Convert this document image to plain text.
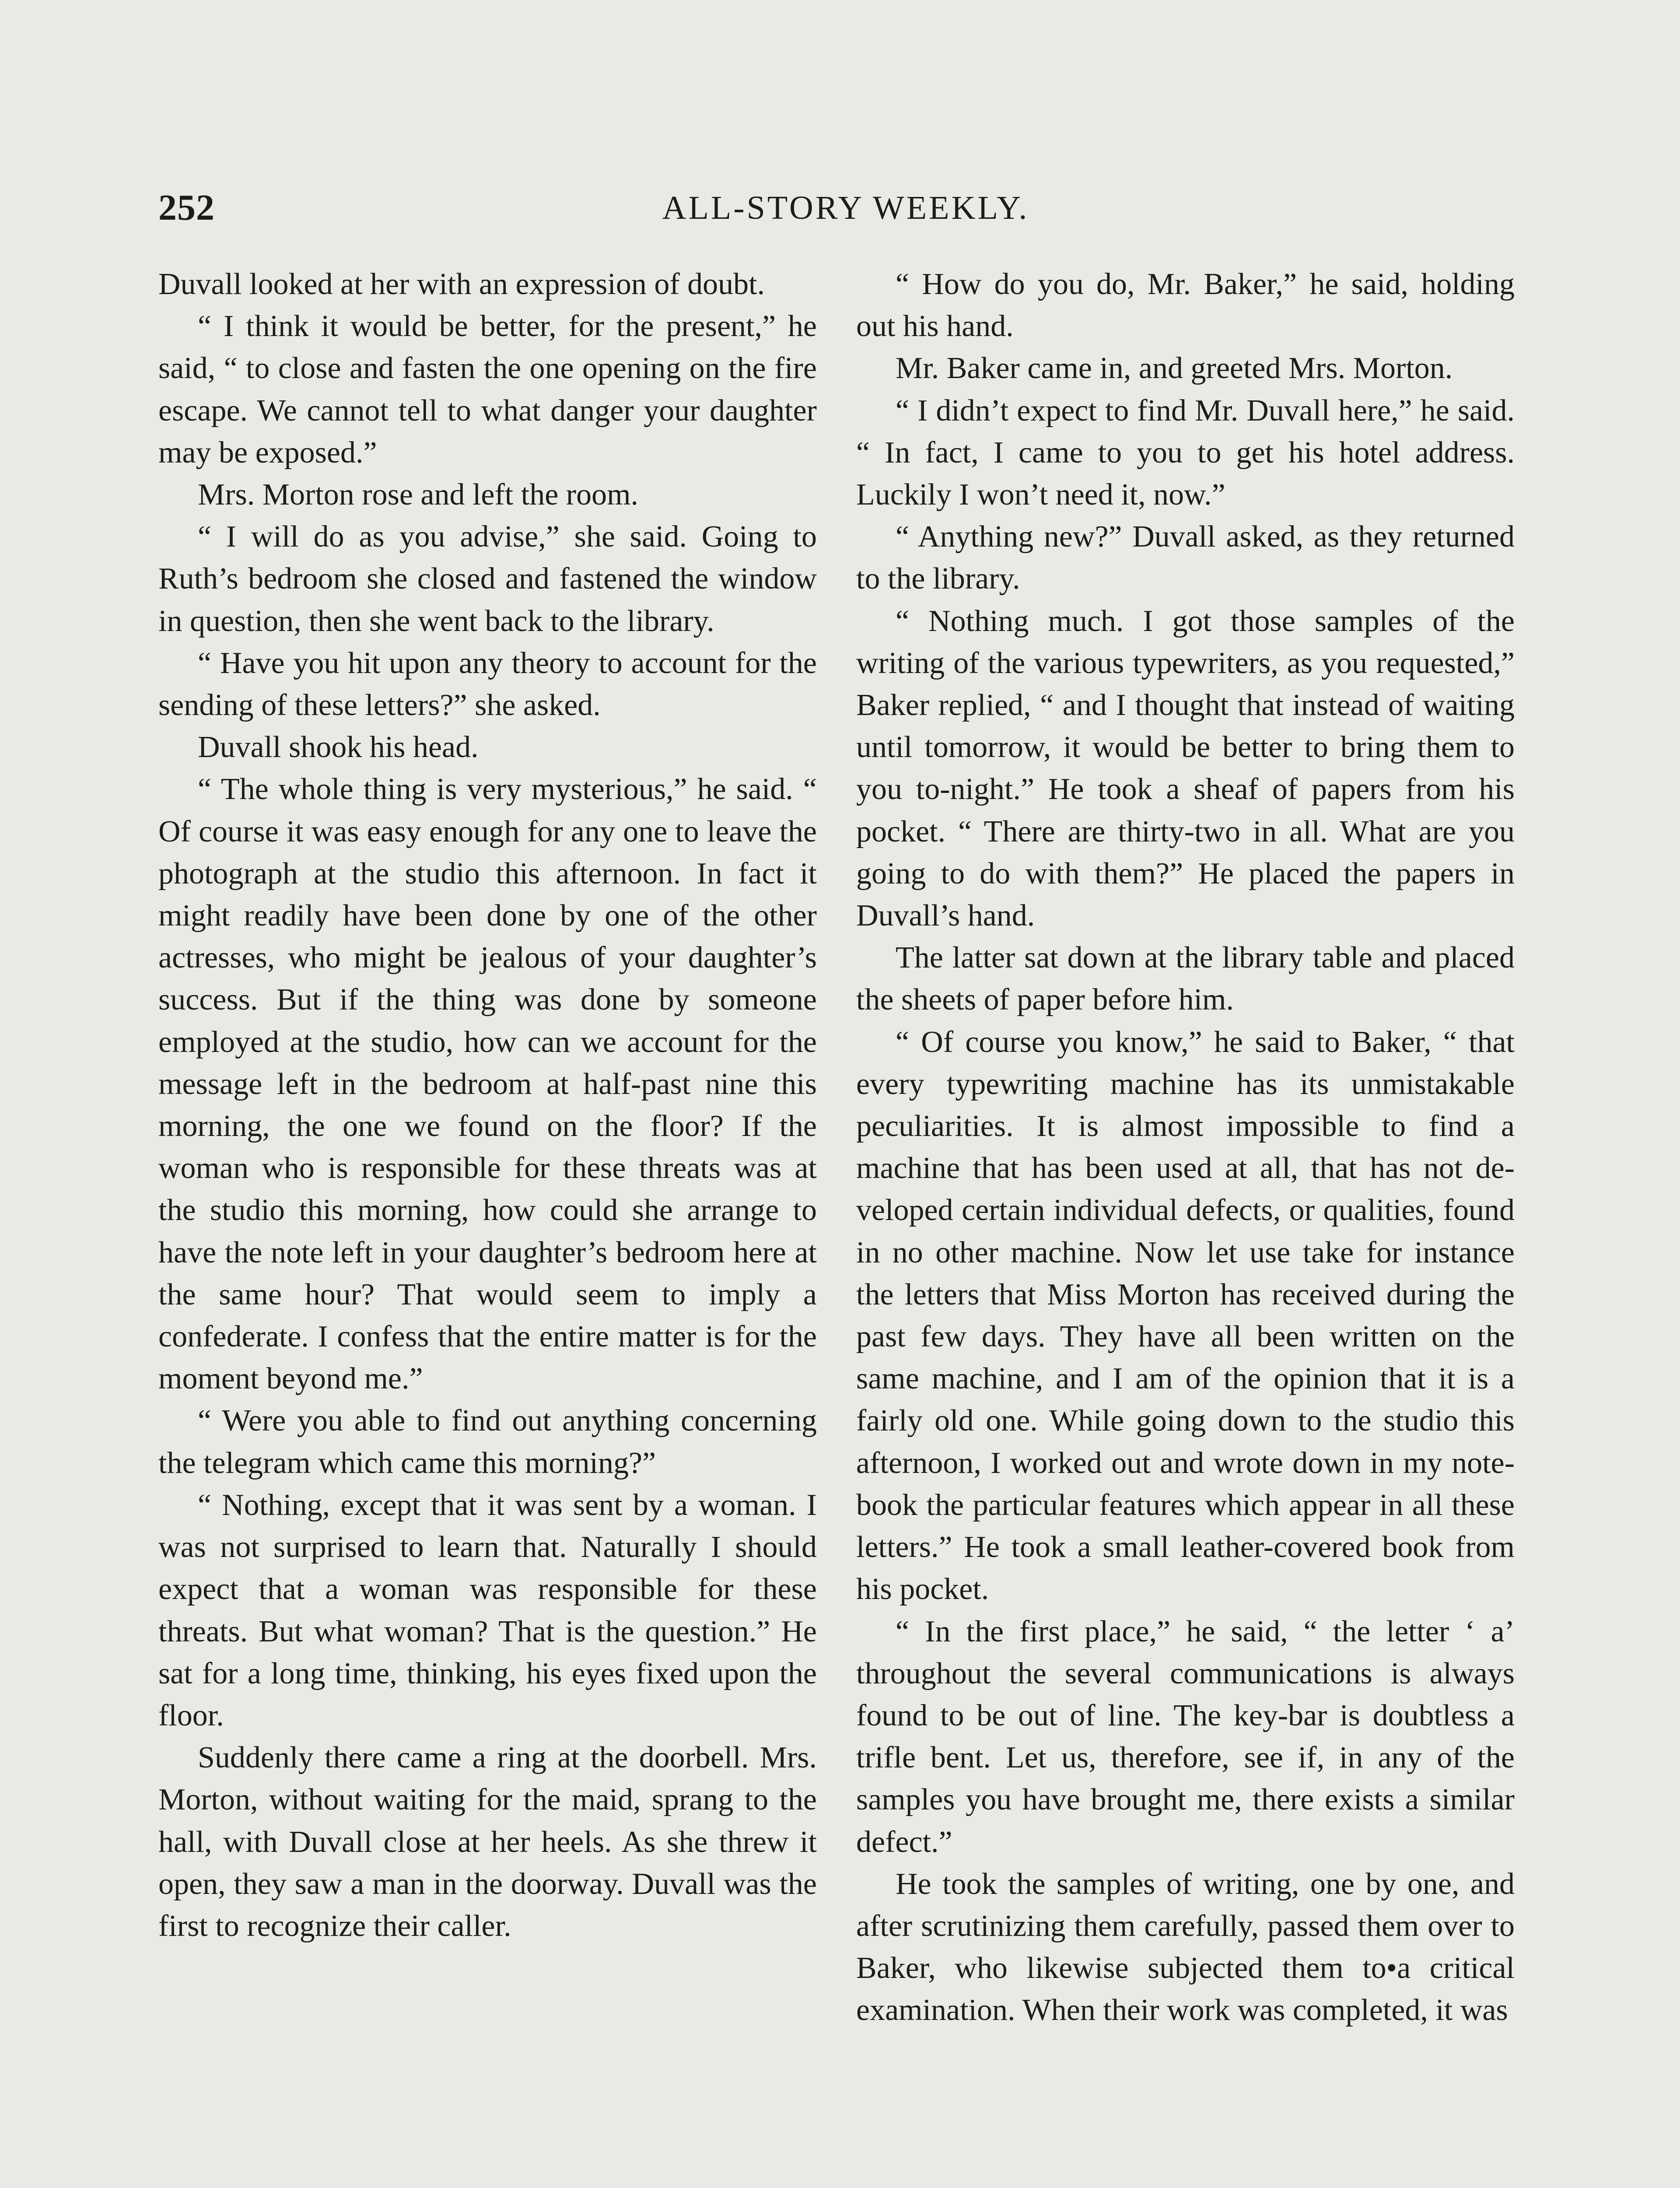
252	ALL-STORY WEEKLY.

Duvall looked at her with an expression of doubt.

“ I think it would be better, for the present,” he said, “ to close and fasten the one opening on the fire escape. We cannot tell to what danger your daughter may be exposed.”

Mrs. Morton rose and left the room.

“ I will do as you advise,” she said. Going to Ruth’s bedroom she closed and fastened the window in question, then she went back to the library.

“ Have you hit upon any theory to account for the sending of these letters?” she asked.

Duvall shook his head.

“ The whole thing is very mysterious,” he said. “ Of course it was easy enough for any one to leave the photograph at the studio this afternoon. In fact it might readily have been done by one of the other actresses, who might be jealous of your daughter’s success. But if the thing was done by someone employed at the studio, how can we account for the message left in the bedroom at half-past nine this morning, the one we found on the floor? If the woman who is responsible for these threats was at the studio this morning, how could she arrange to have the note left in your daughter’s bedroom here at the same hour? That would seem to imply a confederate. I confess that the entire matter is for the moment beyond me.”

“ Were you able to find out anything concerning the telegram which came this morning?”

“ Nothing, except that it was sent by a woman. I was not surprised to learn that. Naturally I should expect that a woman was responsible for these threats. But what woman? That is the question.” He sat for a long time, thinking, his eyes fixed upon the floor.

Suddenly there came a ring at the doorbell. Mrs. Morton, without waiting for the maid, sprang to the hall, with Duvall close at her heels. As she threw it open, they saw a man in the doorway. Duvall was the first to recognize their caller.

“ How do you do, Mr. Baker,” he said, holding out his hand.

Mr. Baker came in, and greeted Mrs. Morton.

“ I didn’t expect to find Mr. Duvall here,” he said. “ In fact, I came to you to get his hotel address. Luckily I won’t need it, now.”

“ Anything new?” Duvall asked, as they returned to the library.

“ Nothing much. I got those samples of the writing of the various typewriters, as you requested,” Baker replied, “ and I thought that instead of waiting until tomorrow, it would be better to bring them to you to-night.” He took a sheaf of papers from his pocket. “ There are thirty-two in all. What are you going to do with them?” He placed the papers in Duvall’s hand.

The latter sat down at the library table and placed the sheets of paper before him.

“ Of course you know,” he said to Baker, “ that every typewriting machine has its unmistakable peculiarities. It is almost impossible to find a machine that has been used at all, that has not developed certain individual defects, or qualities, found in no other machine. Now let use take for instance the letters that Miss Morton has received during the past few days. They have all been written on the same machine, and I am of the opinion that it is a fairly old one. While going down to the studio this afternoon, I worked out and wrote down in my notebook the particular features which appear in all these letters.” He took a small leather-covered book from his pocket.

“ In the first place,” he said, “ the letter ‘ a’ throughout the several communications is always found to be out of line. The key-bar is doubtless a trifle bent. Let us, therefore, see if, in any of the samples you have brought me, there exists a similar defect.”

He took the samples of writing, one by one, and after scrutinizing them carefully, passed them over to Baker, who likewise subjected them to•a critical examination. When their work was completed, it was
